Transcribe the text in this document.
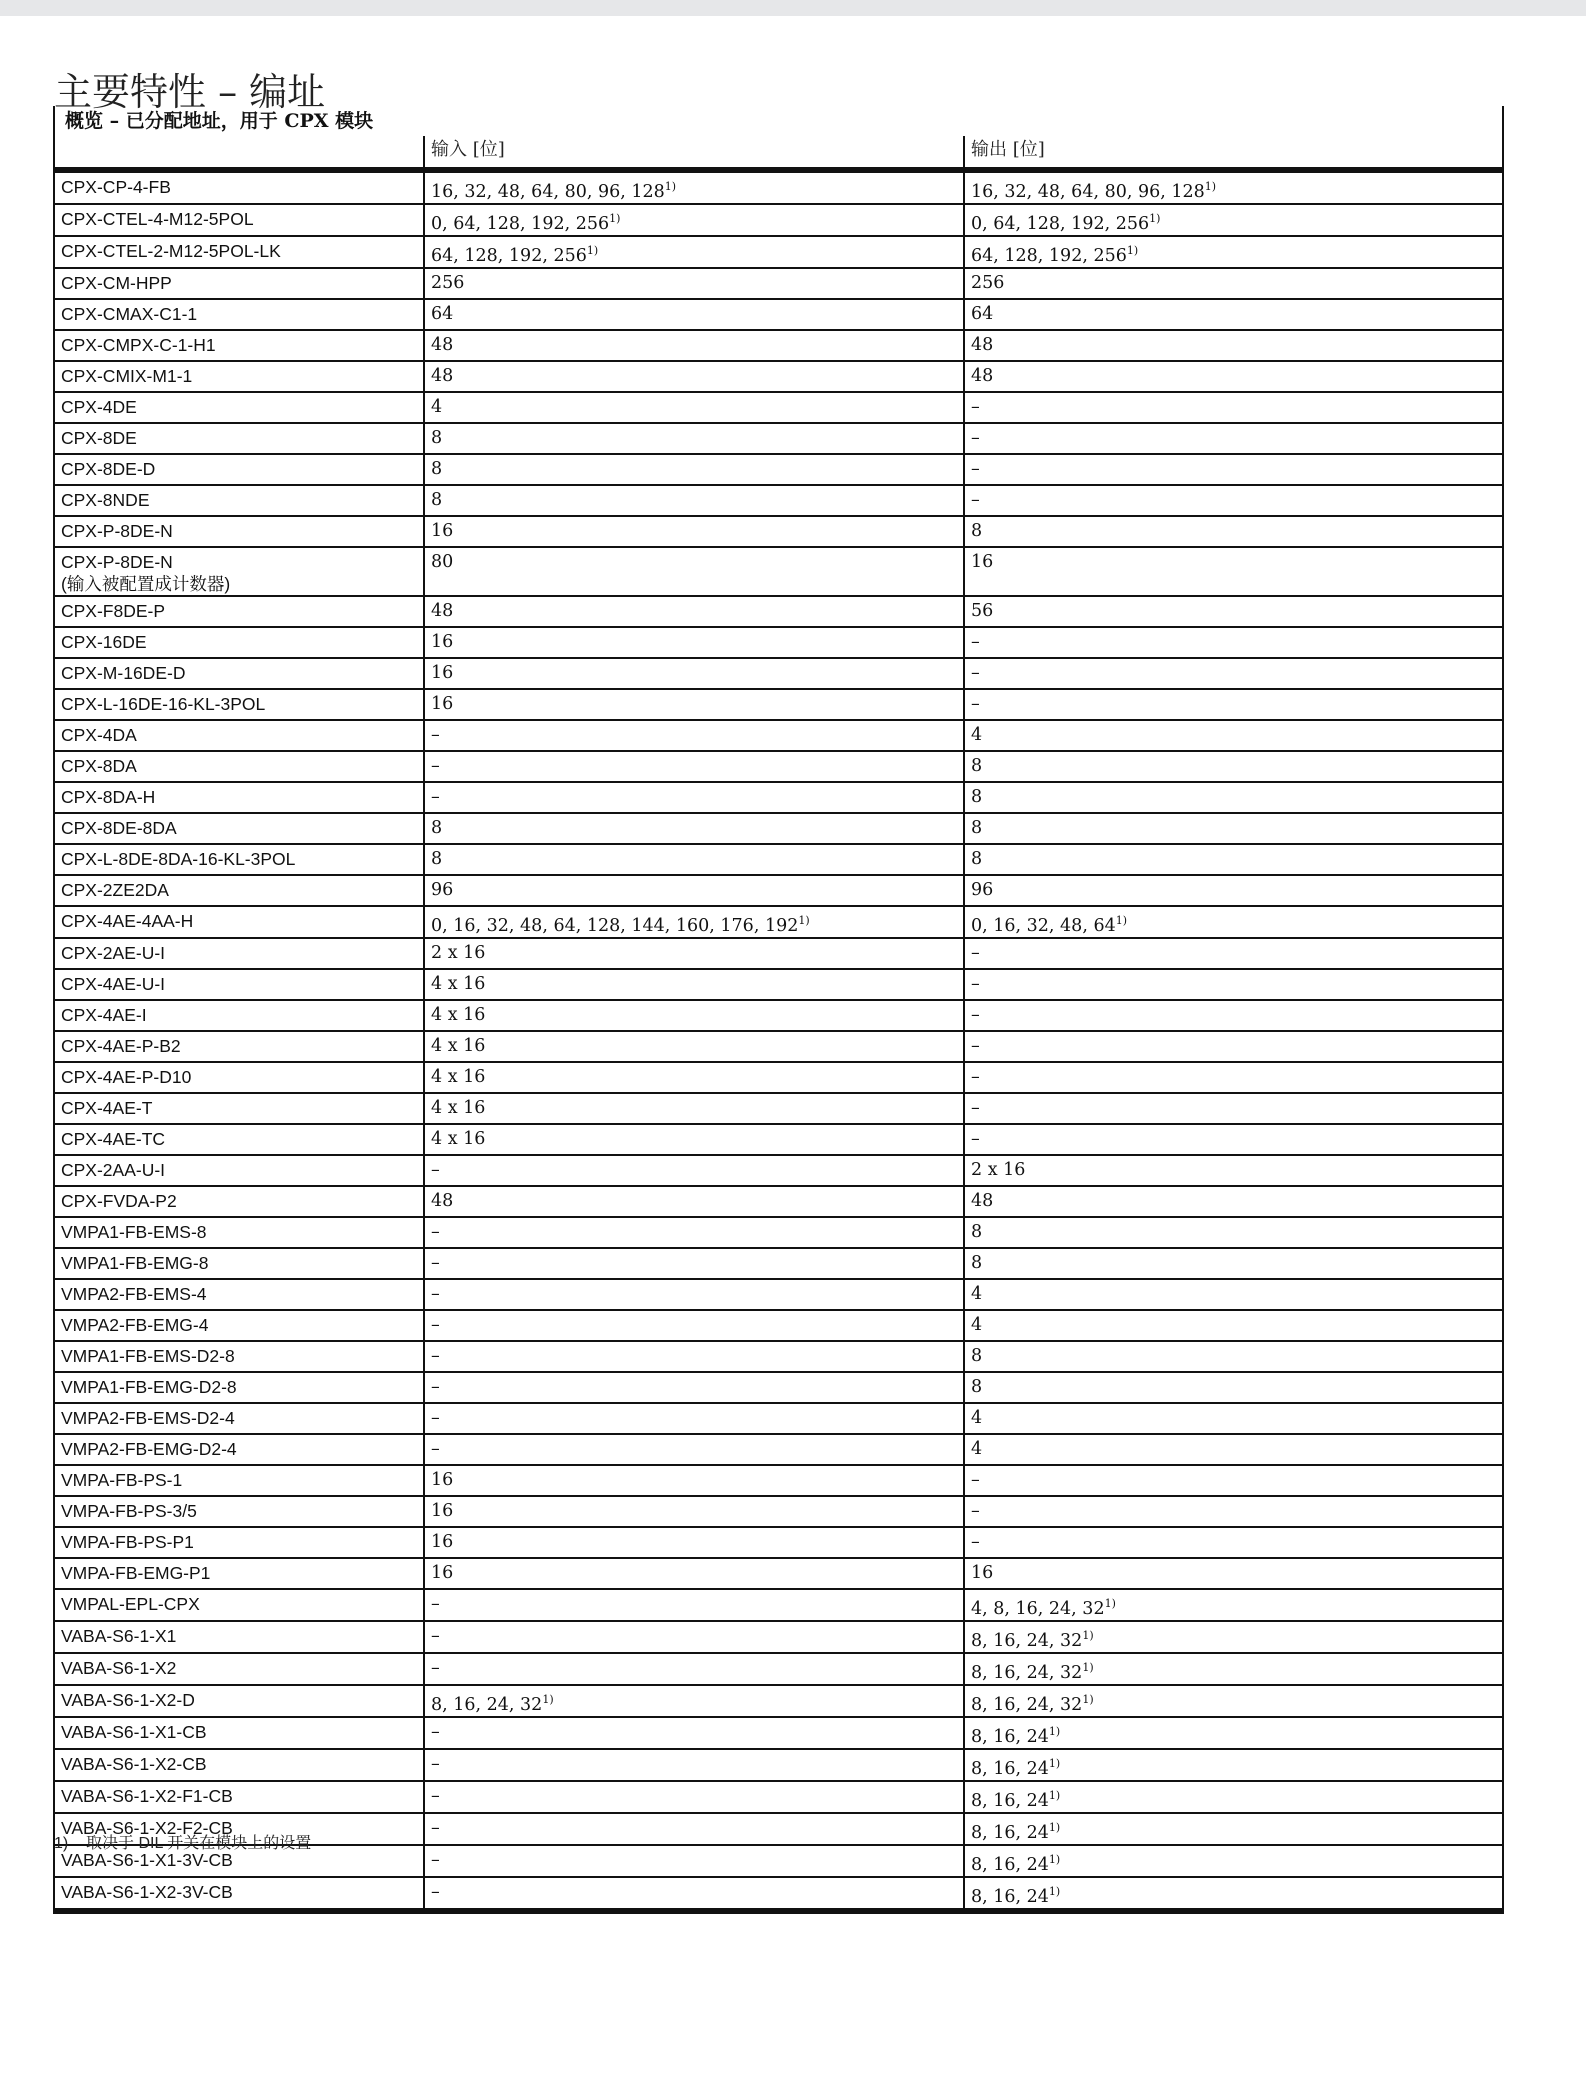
主要特性 – 编址
概览 – 已分配地址，用于 CPX 模块
	输入 [位]	输出 [位]
CPX-CP-4-FB	16, 32, 48, 64, 80, 96, 128$^{1)}$	16, 32, 48, 64, 80, 96, 128$^{1)}$
CPX-CTEL-4-M12-5POL	0, 64, 128, 192, 256$^{1)}$	0, 64, 128, 192, 256$^{1)}$
CPX-CTEL-2-M12-5POL-LK	64, 128, 192, 256$^{1)}$	64, 128, 192, 256$^{1)}$
CPX-CM-HPP	256	256
CPX-CMAX-C1-1	64	64
CPX-CMPX-C-1-H1	48	48
CPX-CMIX-M1-1	48	48
CPX-4DE	4	–
CPX-8DE	8	–
CPX-8DE-D	8	–
CPX-8NDE	8	–
CPX-P-8DE-N	16	8
CPX-P-8DE-N
(输入被配置成计数器)	80	16
CPX-F8DE-P	48	56
CPX-16DE	16	–
CPX-M-16DE-D	16	–
CPX-L-16DE-16-KL-3POL	16	–
CPX-4DA	–	4
CPX-8DA	–	8
CPX-8DA-H	–	8
CPX-8DE-8DA	8	8
CPX-L-8DE-8DA-16-KL-3POL	8	8
CPX-2ZE2DA	96	96
CPX-4AE-4AA-H	0, 16, 32, 48, 64, 128, 144, 160, 176, 192$^{1)}$	0, 16, 32, 48, 64$^{1)}$
CPX-2AE-U-I	2 x 16	–
CPX-4AE-U-I	4 x 16	–
CPX-4AE-I	4 x 16	–
CPX-4AE-P-B2	4 x 16	–
CPX-4AE-P-D10	4 x 16	–
CPX-4AE-T	4 x 16	–
CPX-4AE-TC	4 x 16	–
CPX-2AA-U-I	–	2 x 16
CPX-FVDA-P2	48	48
VMPA1-FB-EMS-8	–	8
VMPA1-FB-EMG-8	–	8
VMPA2-FB-EMS-4	–	4
VMPA2-FB-EMG-4	–	4
VMPA1-FB-EMS-D2-8	–	8
VMPA1-FB-EMG-D2-8	–	8
VMPA2-FB-EMS-D2-4	–	4
VMPA2-FB-EMG-D2-4	–	4
VMPA-FB-PS-1	16	–
VMPA-FB-PS-3/5	16	–
VMPA-FB-PS-P1	16	–
VMPA-FB-EMG-P1	16	16
VMPAL-EPL-CPX	–	4, 8, 16, 24, 32$^{1)}$
VABA-S6-1-X1	–	8, 16, 24, 32$^{1)}$
VABA-S6-1-X2	–	8, 16, 24, 32$^{1)}$
VABA-S6-1-X2-D	8, 16, 24, 32$^{1)}$	8, 16, 24, 32$^{1)}$
VABA-S6-1-X1-CB	–	8, 16, 24$^{1)}$
VABA-S6-1-X2-CB	–	8, 16, 24$^{1)}$
VABA-S6-1-X2-F1-CB	–	8, 16, 24$^{1)}$
VABA-S6-1-X2-F2-CB	–	8, 16, 24$^{1)}$
VABA-S6-1-X1-3V-CB	–	8, 16, 24$^{1)}$
VABA-S6-1-X2-3V-CB	–	8, 16, 24$^{1)}$
1) 取决于 DIL 开关在模块上的设置
